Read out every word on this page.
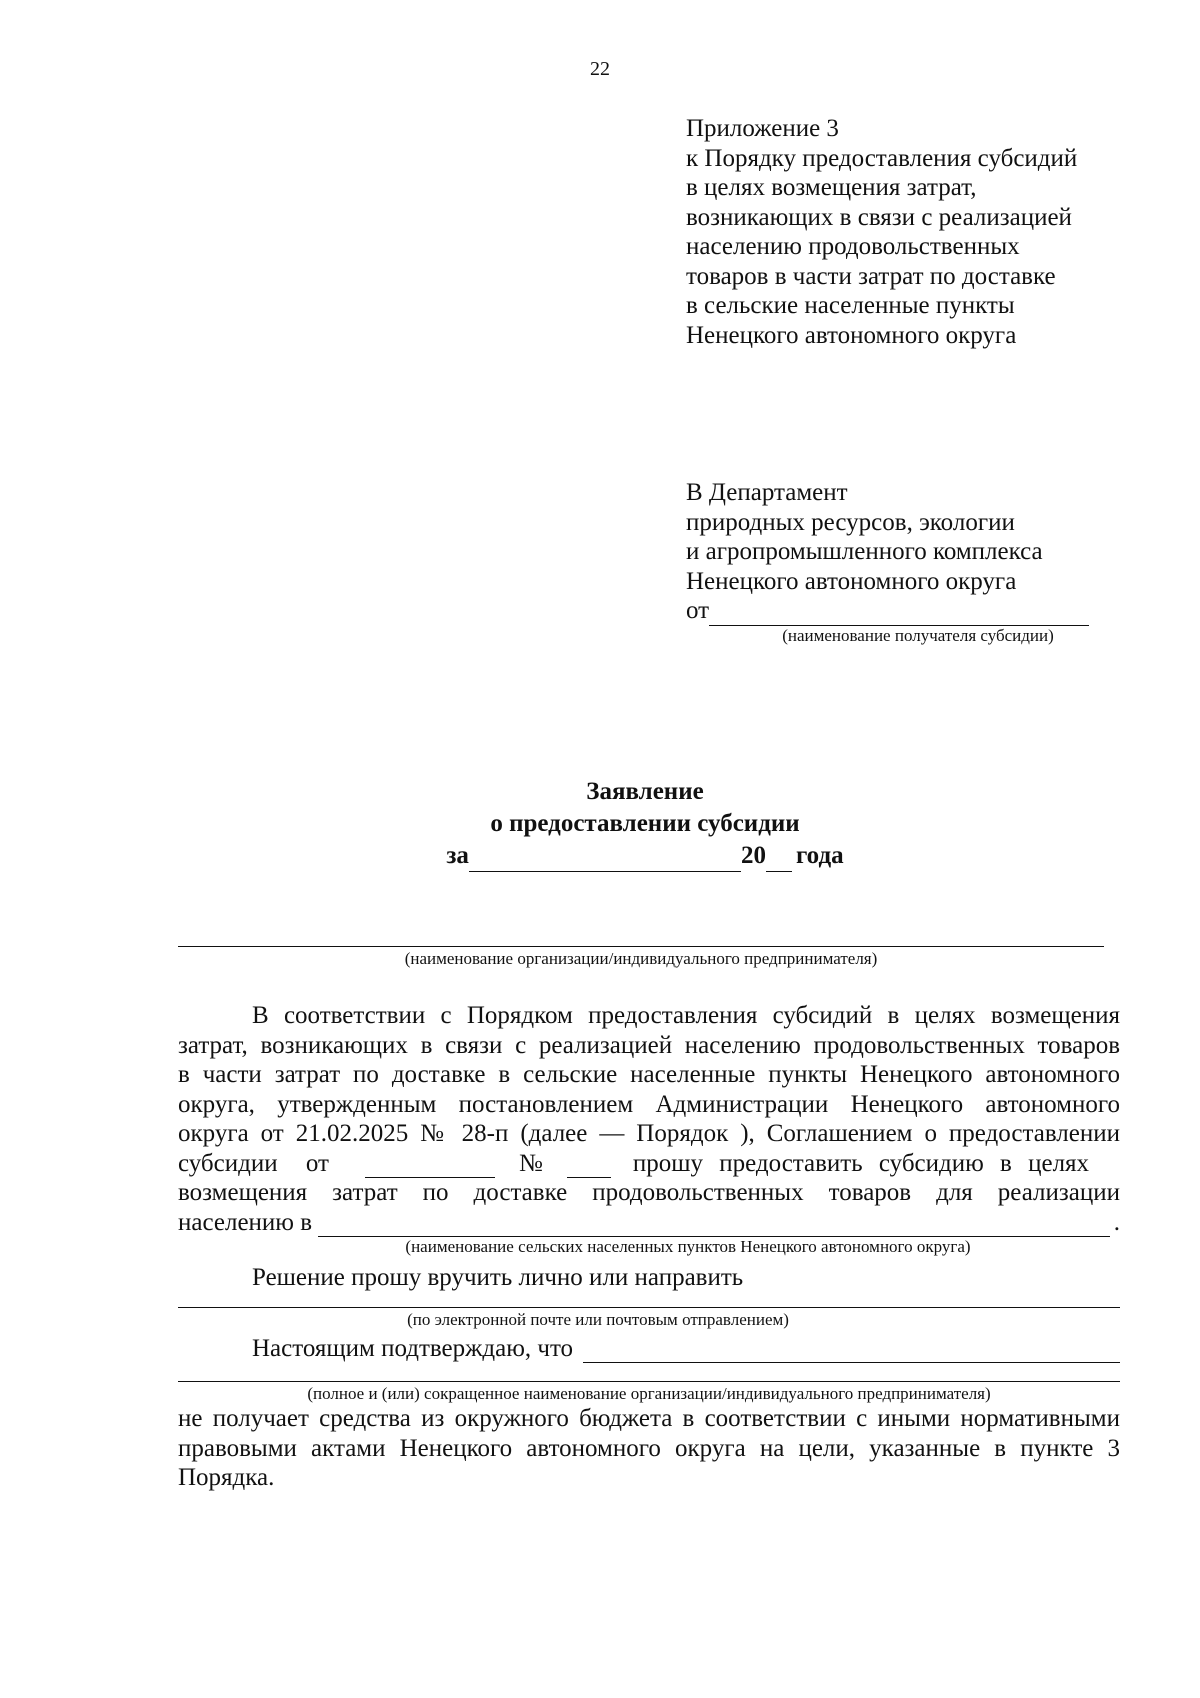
22
Приложение 3
к Порядку предоставления субсидий
в целях возмещения затрат,
возникающих в связи с реализацией
населению продовольственных
товаров в части затрат по доставке
в сельские населенные пункты
Ненецкого автономного округа
В Департамент
природных ресурсов, экологии
и агропромышленного комплекса
Ненецкого автономного округа
от
(наименование получателя субсидии)
Заявление
о предоставлении субсидии
за	20 года
(наименование организации/индивидуального предпринимателя)

В соответствии с Порядком предоставления субсидий в целях возмещения

затрат, возникающих в связи с реализацией населению продовольственных товаров

в части затрат по доставке в сельские населенные пункты Ненецкого автономного

округа, утвержденным постановлением Администрации Ненецкого автономного

округа от 21.02.2025 № 28-п (далее — Порядок ), Соглашением о предоставлении

субсидии от	№	прошу предоставить субсидию в целях

возмещения затрат по доставке продовольственных товаров для реализации

населению в	.
(наименование сельских населенных пунктов Ненецкого автономного округа)

Решение прошу вручить лично или направить

(по электронной почте или почтовым отправлением)
Настоящим подтверждаю, что
(полное и (или) сокращенное наименование организации/индивидуального предпринимателя)

не получает средства из окружного бюджета в соответствии с иными нормативными

правовыми актами Ненецкого автономного округа на цели, указанные в пункте 3

Порядка.
